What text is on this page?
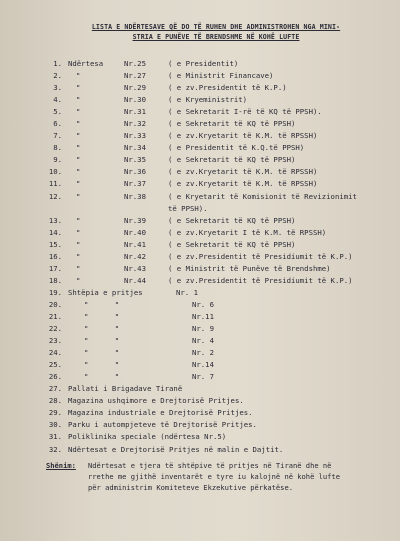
LISTA E NDËRTESAVE QË DO TË RUHEN DHE ADMINISTROHEN NGA MINI-
STRIA E PUNËVE TË BRENDSHME NË KOHË LUFTE
1. Ndërtesa	Nr.25	( e Presidentit)
2.	"	Nr.27	( e Ministrit Financave)
3.	"	Nr.29	( e zv.Presidentit të K.P.)
4.	"	Nr.30	( e Kryeministrit)
5.	"	Nr.31	( e Sekretarit I-rë të KQ të PPSH).
6.	"	Nr.32	( e Sekretarit të KQ të PPSH)
7.	"	Nr.33	( e zv.Kryetarit të K.M. të RPSSH)
8.	"	Nr.34	( e Presidentit të K.Q.të PPSH)
9.	"	Nr.35	( e Sekretarit të KQ të PPSH)
10.	"	Nr.36	( e zv.Kryetarit të K.M. të RPSSH)
11.	"	Nr.37	( e zv.Kryetarit të K.M. të RPSSH)
12.	"	Nr.38	( e Kryetarit të Komisionit të Revizionimit
të PPSH).
13.	"	Nr.39	( e Sekretarit të KQ të PPSH)
14.	"	Nr.40	( e zv.Kryetarit I të K.M. të RPSSH)
15.	"	Nr.41	( e Sekretarit të KQ të PPSH)
16.	"	Nr.42	( e zv.Presidentit të Presidiumit të K.P.)
17.	"	Nr.43	( e Ministrit të Punëve të Brendshme)
18.	"	Nr.44	( e zv.Presidentit të Presidiumit të K.P.)
19. Shtëpia e pritjes	Nr. 1
20.	"      "	Nr. 6
21.	"      "	Nr.11
22.	"      "	Nr. 9
23.	"      "	Nr. 4
24.	"      "	Nr. 2
25.	"      "	Nr.14
26.	"      "	Nr. 7
27. Pallati i Brigadave Tiranë
28. Magazina ushqimore e Drejtorisë Pritjes.
29. Magazina industriale e Drejtorisë Pritjes.
30. Parku i autompjeteve të Drejtorisë Pritjes.
31. Poliklinika speciale (ndërtesa Nr.5)
32. Ndërtesat e Drejtorisë Pritjes në malin e Dajtit.
Shënim:	Ndërtesat e tjera të shtëpive të pritjes në Tiranë dhe në
rrethe me gjithë inventarët e tyre iu kalojnë në kohë lufte
për administrim Komiteteve Ekzekutive përkatëse.
